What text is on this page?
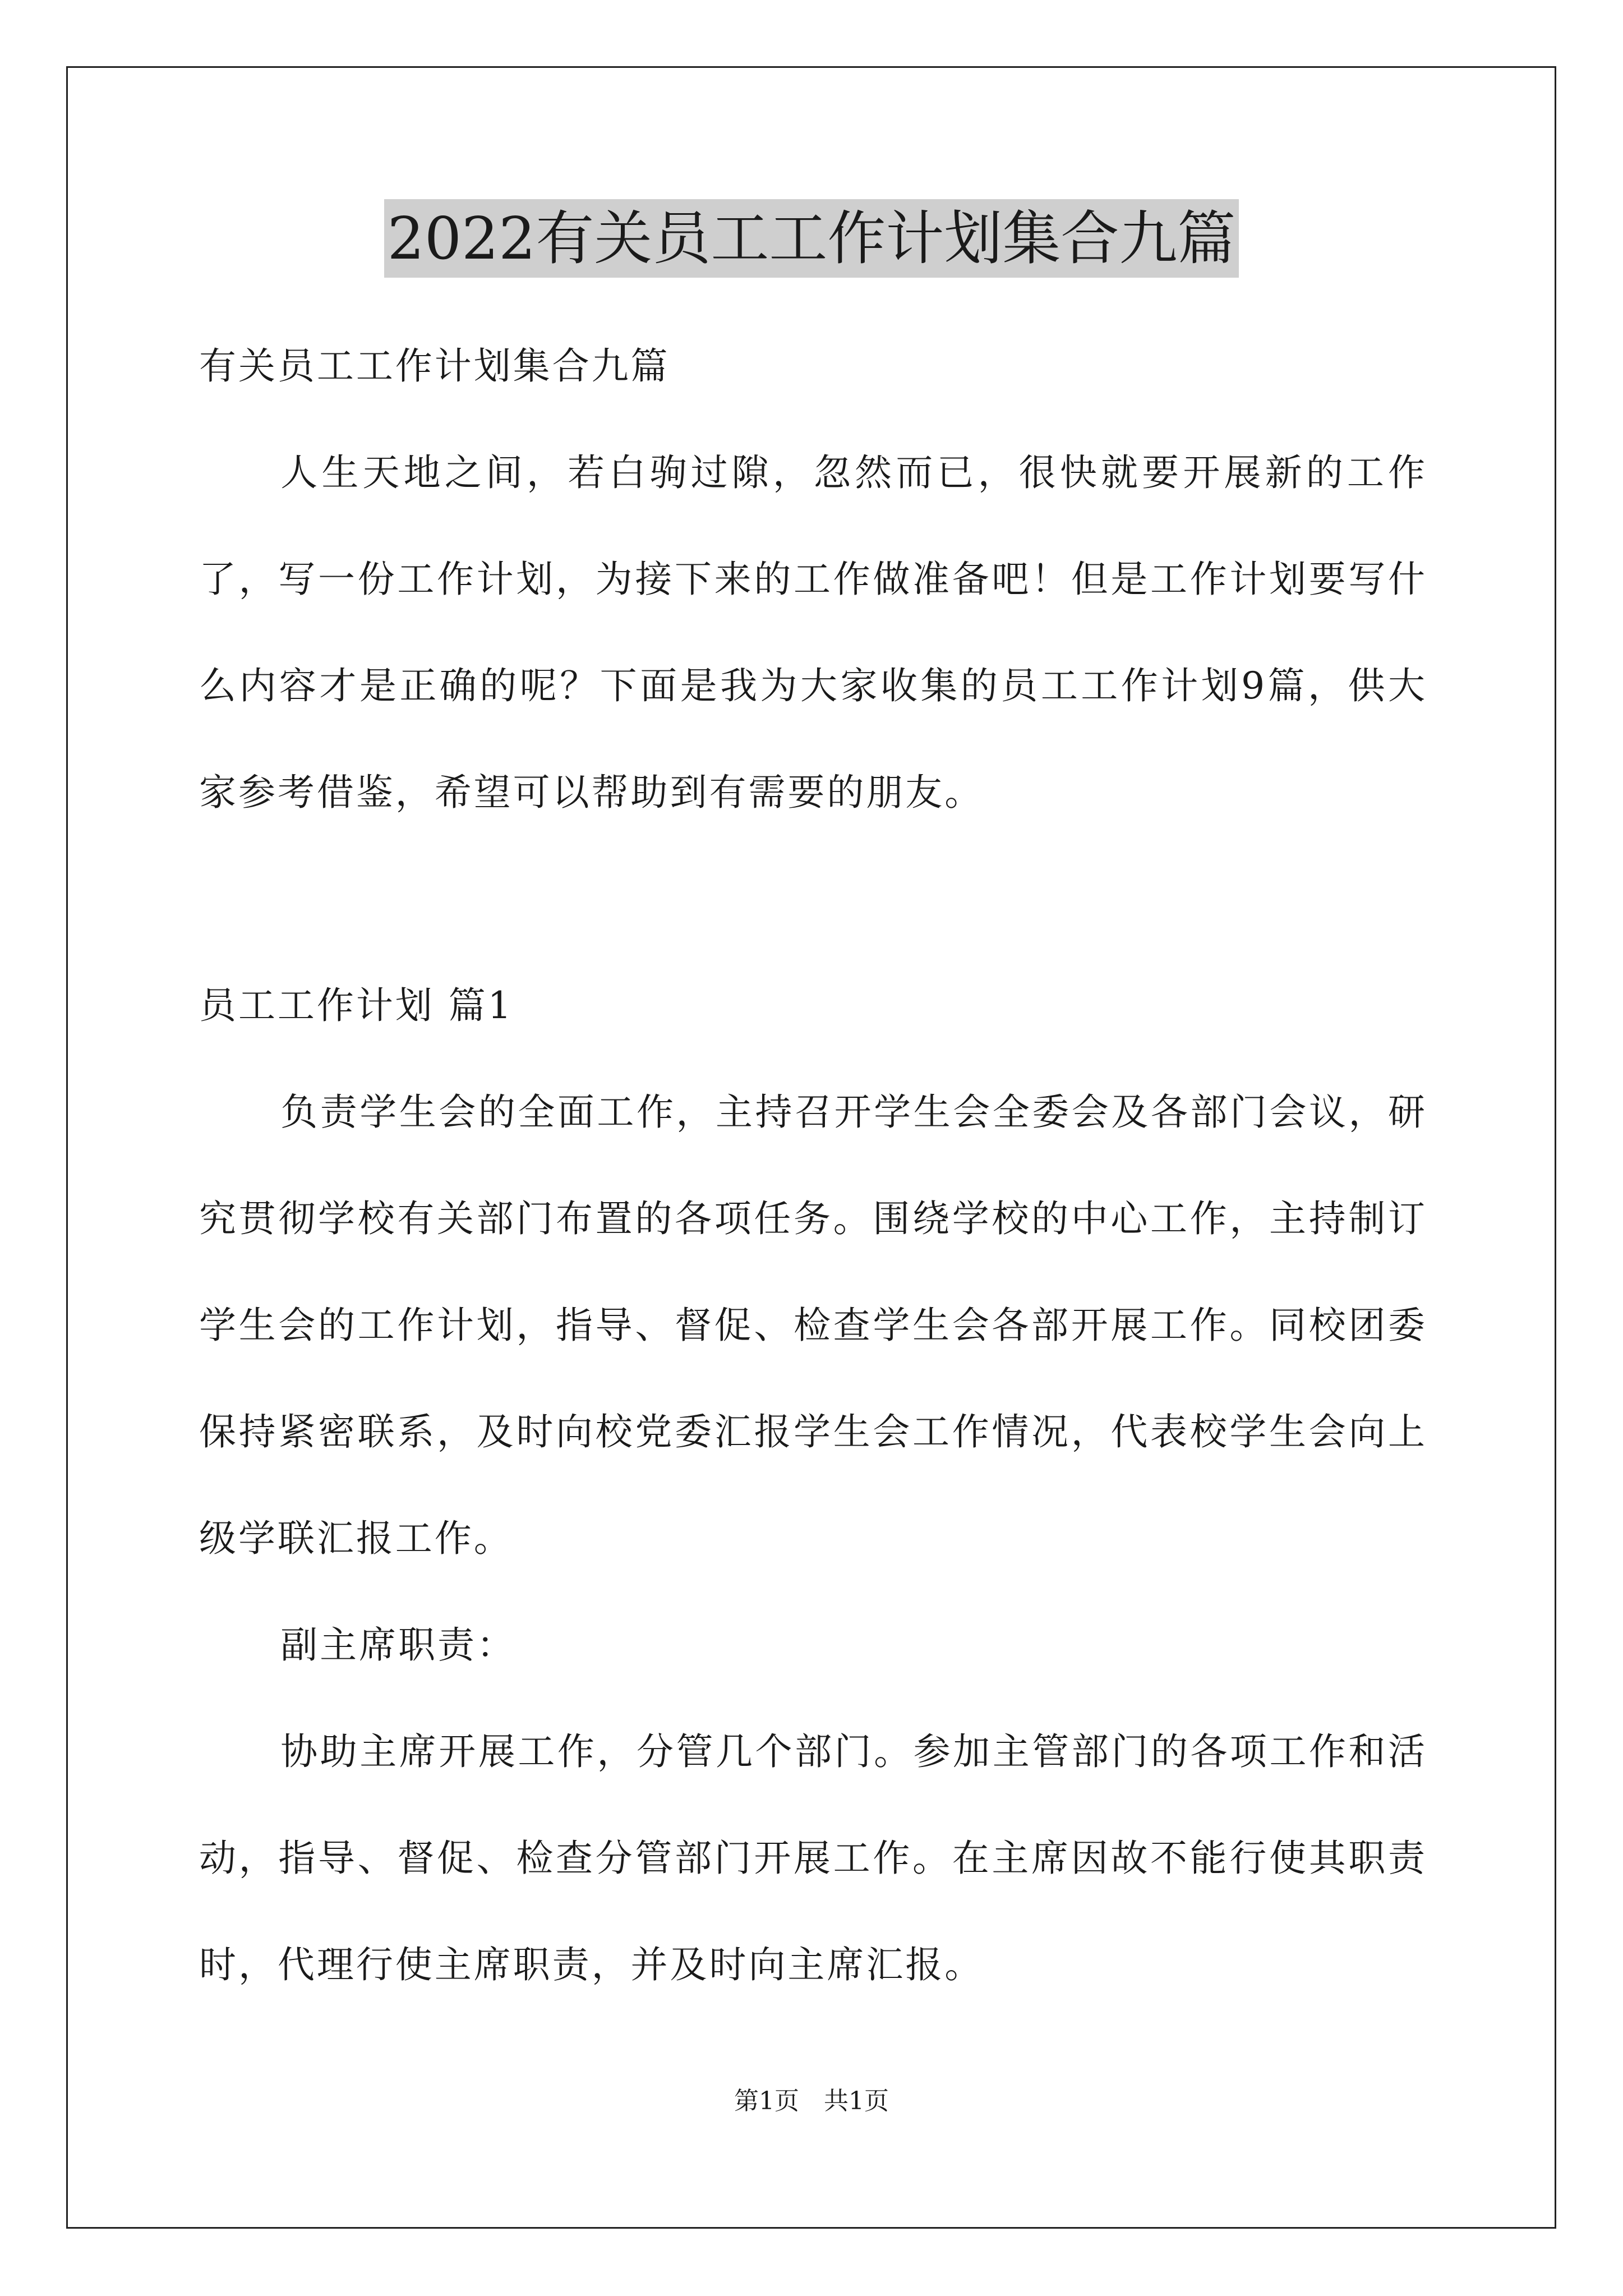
2022有关员工工作计划集合九篇

有关员工工作计划集合九篇

人生天地之间，若白驹过隙，忽然而已，很快就要开展新的工作了，写一份工作计划，为接下来的工作做准备吧！但是工作计划要写什么内容才是正确的呢？下面是我为大家收集的员工工作计划9篇，供大家参考借鉴，希望可以帮助到有需要的朋友。

员工工作计划 篇1

负责学生会的全面工作，主持召开学生会全委会及各部门会议，研究贯彻学校有关部门布置的各项任务。围绕学校的中心工作，主持制订学生会的工作计划，指导、督促、检查学生会各部开展工作。同校团委保持紧密联系，及时向校党委汇报学生会工作情况，代表校学生会向上级学联汇报工作。

副主席职责：

协助主席开展工作，分管几个部门。参加主管部门的各项工作和活动，指导、督促、检查分管部门开展工作。在主席因故不能行使其职责时，代理行使主席职责，并及时向主席汇报。

第1页　共1页
